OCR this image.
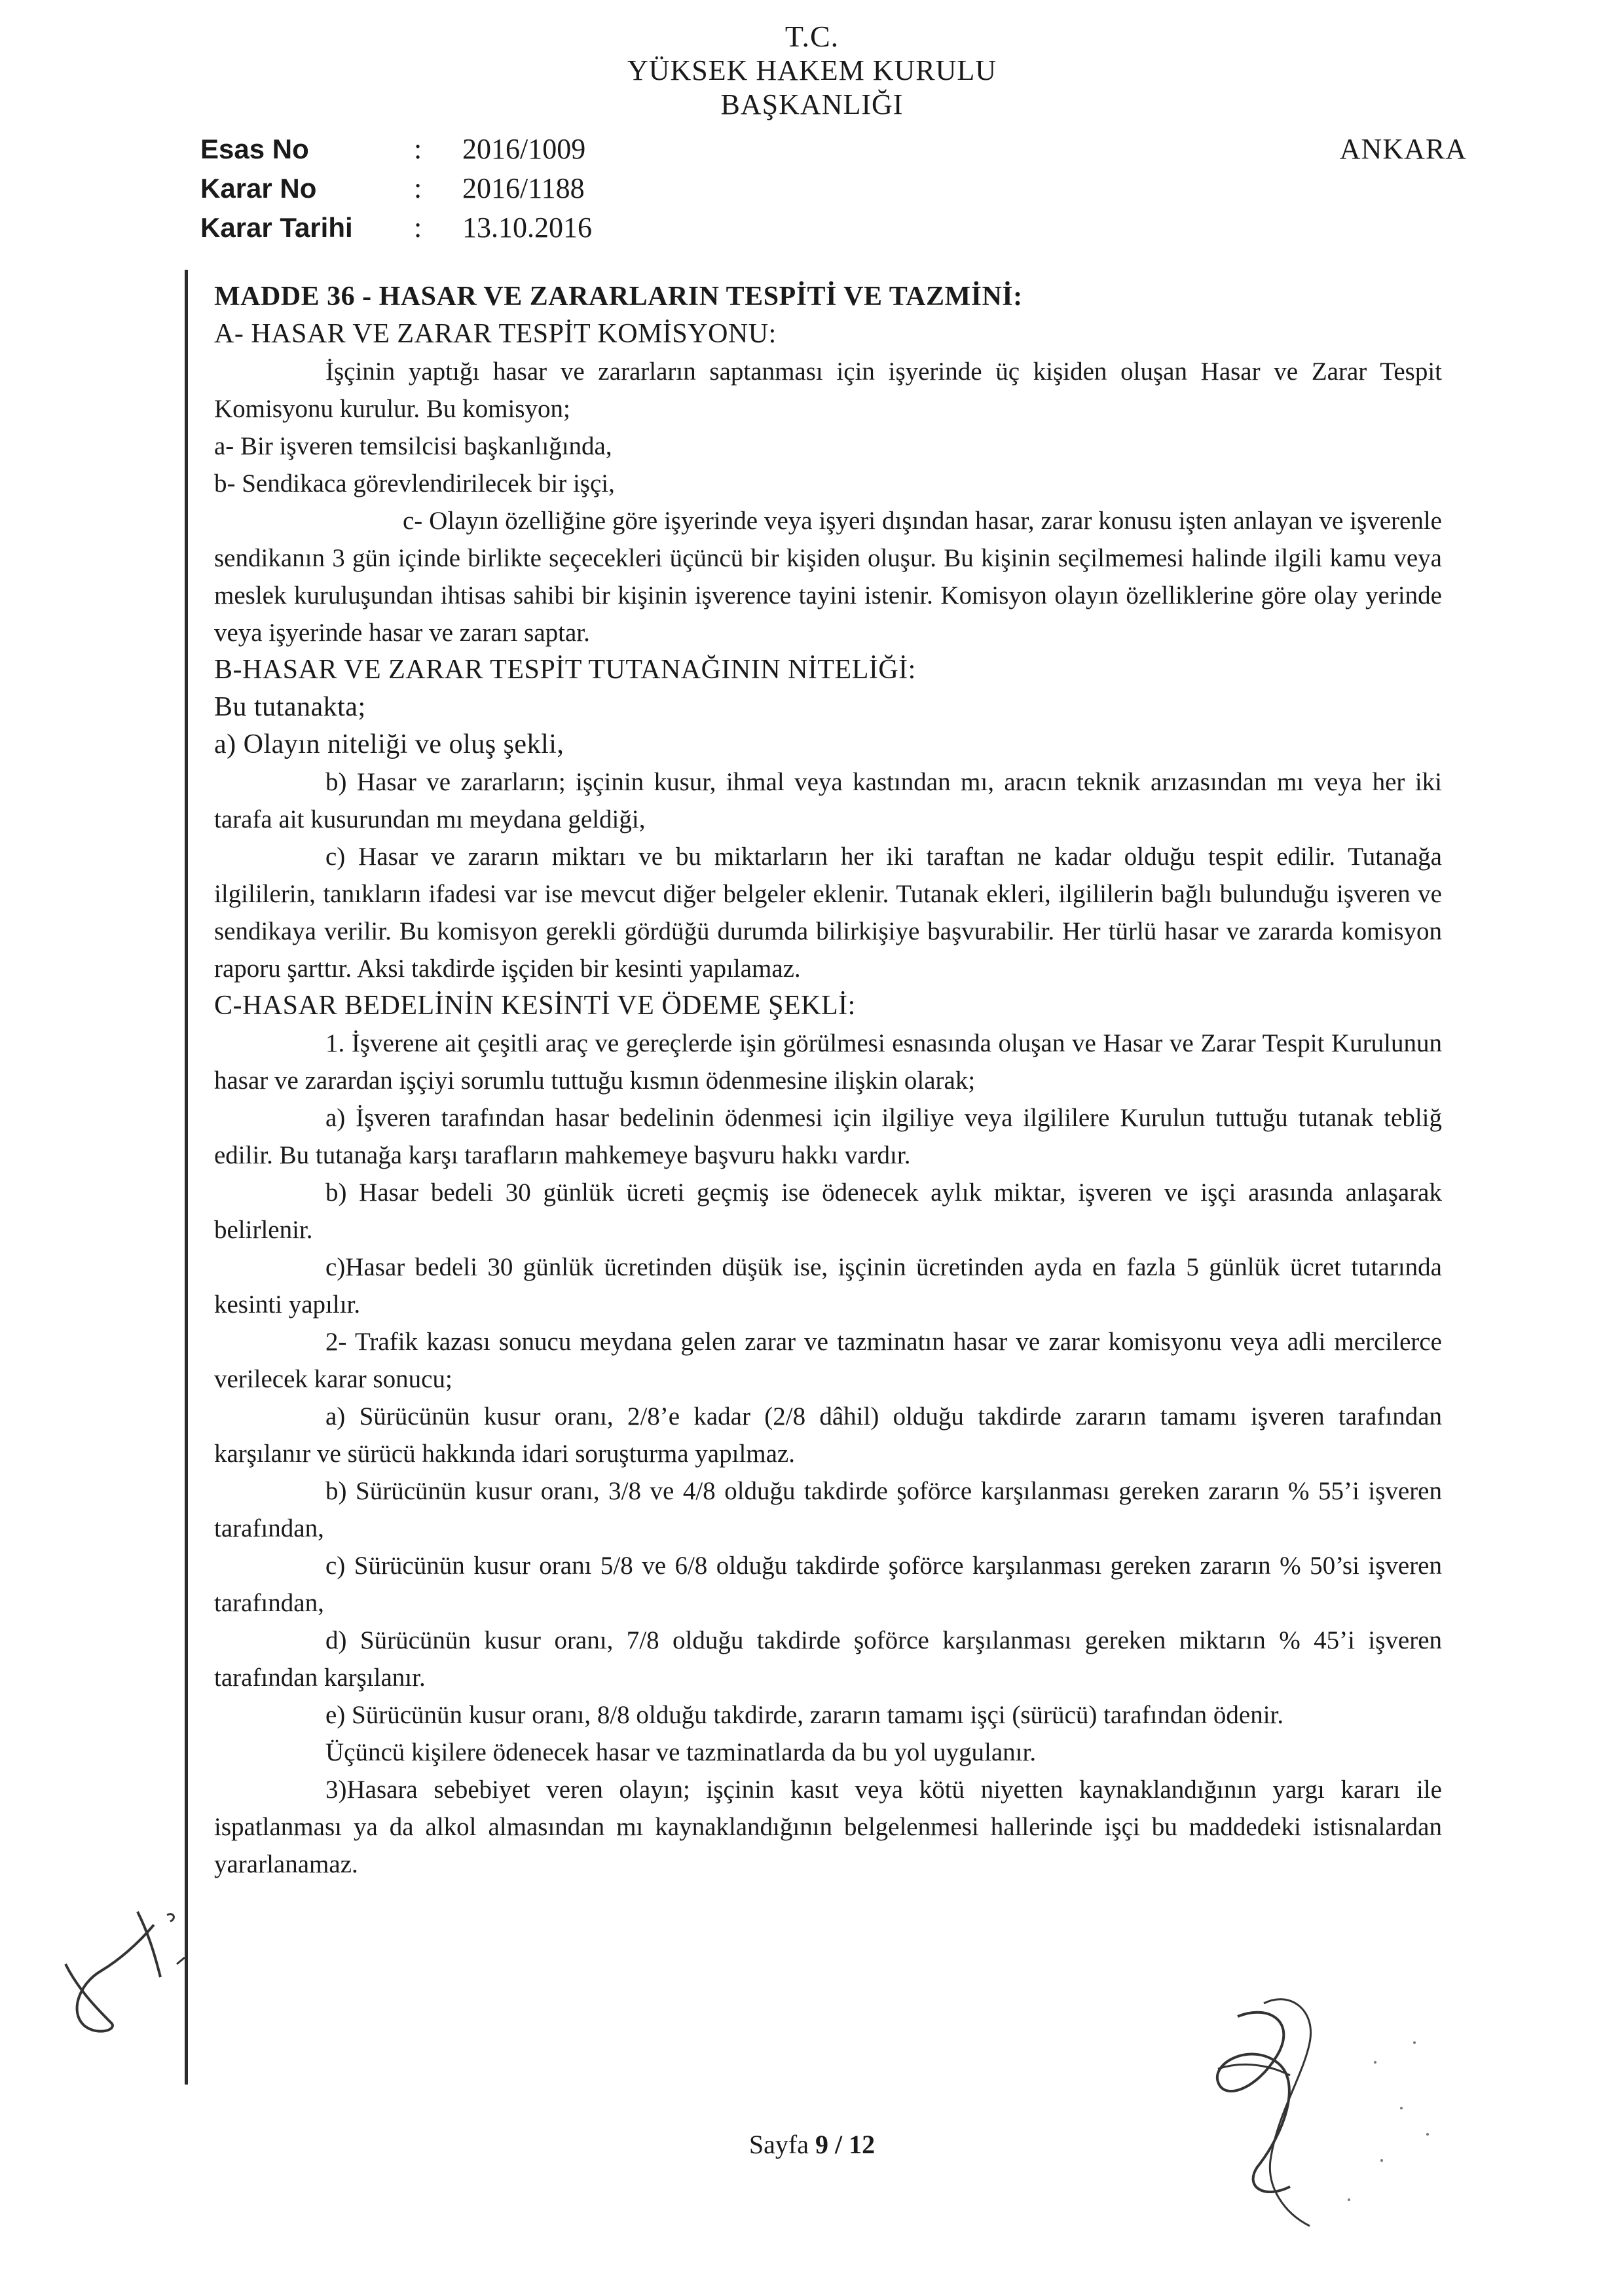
T.C.
YÜKSEK HAKEM KURULU
BAŞKANLIĞI
Esas No	:	2016/1009
Karar No	:	2016/1188
Karar Tarihi	:	13.10.2016
ANKARA

MADDE 36 - HASAR VE ZARARLARIN TESPİTİ VE TAZMİNİ:

A- HASAR VE ZARAR TESPİT KOMİSYONU:

İşçinin yaptığı hasar ve zararların saptanması için işyerinde üç kişiden oluşan Hasar ve Zarar Tespit Komisyonu kurulur. Bu komisyon;

a- Bir işveren temsilcisi başkanlığında,

b- Sendikaca görevlendirilecek bir işçi,

c- Olayın özelliğine göre işyerinde veya işyeri dışından hasar, zarar konusu işten anlayan ve işverenle sendikanın 3 gün içinde birlikte seçecekleri üçüncü bir kişiden oluşur. Bu kişinin seçilmemesi halinde ilgili kamu veya meslek kuruluşundan ihtisas sahibi bir kişinin işverence tayini istenir. Komisyon olayın özelliklerine göre olay yerinde veya işyerinde hasar ve zararı saptar.

B-HASAR VE ZARAR TESPİT TUTANAĞININ NİTELİĞİ:

Bu tutanakta;

a) Olayın niteliği ve oluş şekli,

b) Hasar ve zararların; işçinin kusur, ihmal veya kastından mı, aracın teknik arızasından mı veya her iki tarafa ait kusurundan mı meydana geldiği,

c) Hasar ve zararın miktarı ve bu miktarların her iki taraftan ne kadar olduğu tespit edilir. Tutanağa ilgililerin, tanıkların ifadesi var ise mevcut diğer belgeler eklenir. Tutanak ekleri, ilgililerin bağlı bulunduğu işveren ve sendikaya verilir. Bu komisyon gerekli gördüğü durumda bilirkişiye başvurabilir. Her türlü hasar ve zararda komisyon raporu şarttır. Aksi takdirde işçiden bir kesinti yapılamaz.

C-HASAR BEDELİNİN KESİNTİ VE ÖDEME ŞEKLİ:

1. İşverene ait çeşitli araç ve gereçlerde işin görülmesi esnasında oluşan ve Hasar ve Zarar Tespit Kurulunun hasar ve zarardan işçiyi sorumlu tuttuğu kısmın ödenmesine ilişkin olarak;

a) İşveren tarafından hasar bedelinin ödenmesi için ilgiliye veya ilgililere Kurulun tuttuğu tutanak tebliğ edilir. Bu tutanağa karşı tarafların mahkemeye başvuru hakkı vardır.

b) Hasar bedeli 30 günlük ücreti geçmiş ise ödenecek aylık miktar, işveren ve işçi arasında anlaşarak belirlenir.

c)Hasar bedeli 30 günlük ücretinden düşük ise, işçinin ücretinden ayda en fazla 5 günlük ücret tutarında kesinti yapılır.

2- Trafik kazası sonucu meydana gelen zarar ve tazminatın hasar ve zarar komisyonu veya adli mercilerce verilecek karar sonucu;

a) Sürücünün kusur oranı, 2/8’e kadar (2/8 dâhil) olduğu takdirde zararın tamamı işveren tarafından karşılanır ve sürücü hakkında idari soruşturma yapılmaz.

b) Sürücünün kusur oranı, 3/8 ve 4/8 olduğu takdirde şoförce karşılanması gereken zararın % 55’i işveren tarafından,

c) Sürücünün kusur oranı 5/8 ve 6/8 olduğu takdirde şoförce karşılanması gereken zararın % 50’si işveren tarafından,

d) Sürücünün kusur oranı, 7/8 olduğu takdirde şoförce karşılanması gereken miktarın % 45’i işveren tarafından karşılanır.

e) Sürücünün kusur oranı, 8/8 olduğu takdirde, zararın tamamı işçi (sürücü) tarafından ödenir.

Üçüncü kişilere ödenecek hasar ve tazminatlarda da bu yol uygulanır.

3)Hasara sebebiyet veren olayın; işçinin kasıt veya kötü niyetten kaynaklandığının yargı kararı ile ispatlanması ya da alkol almasından mı kaynaklandığının belgelenmesi hallerinde işçi bu maddedeki istisnalardan yararlanamaz.

Sayfa 9 / 12
